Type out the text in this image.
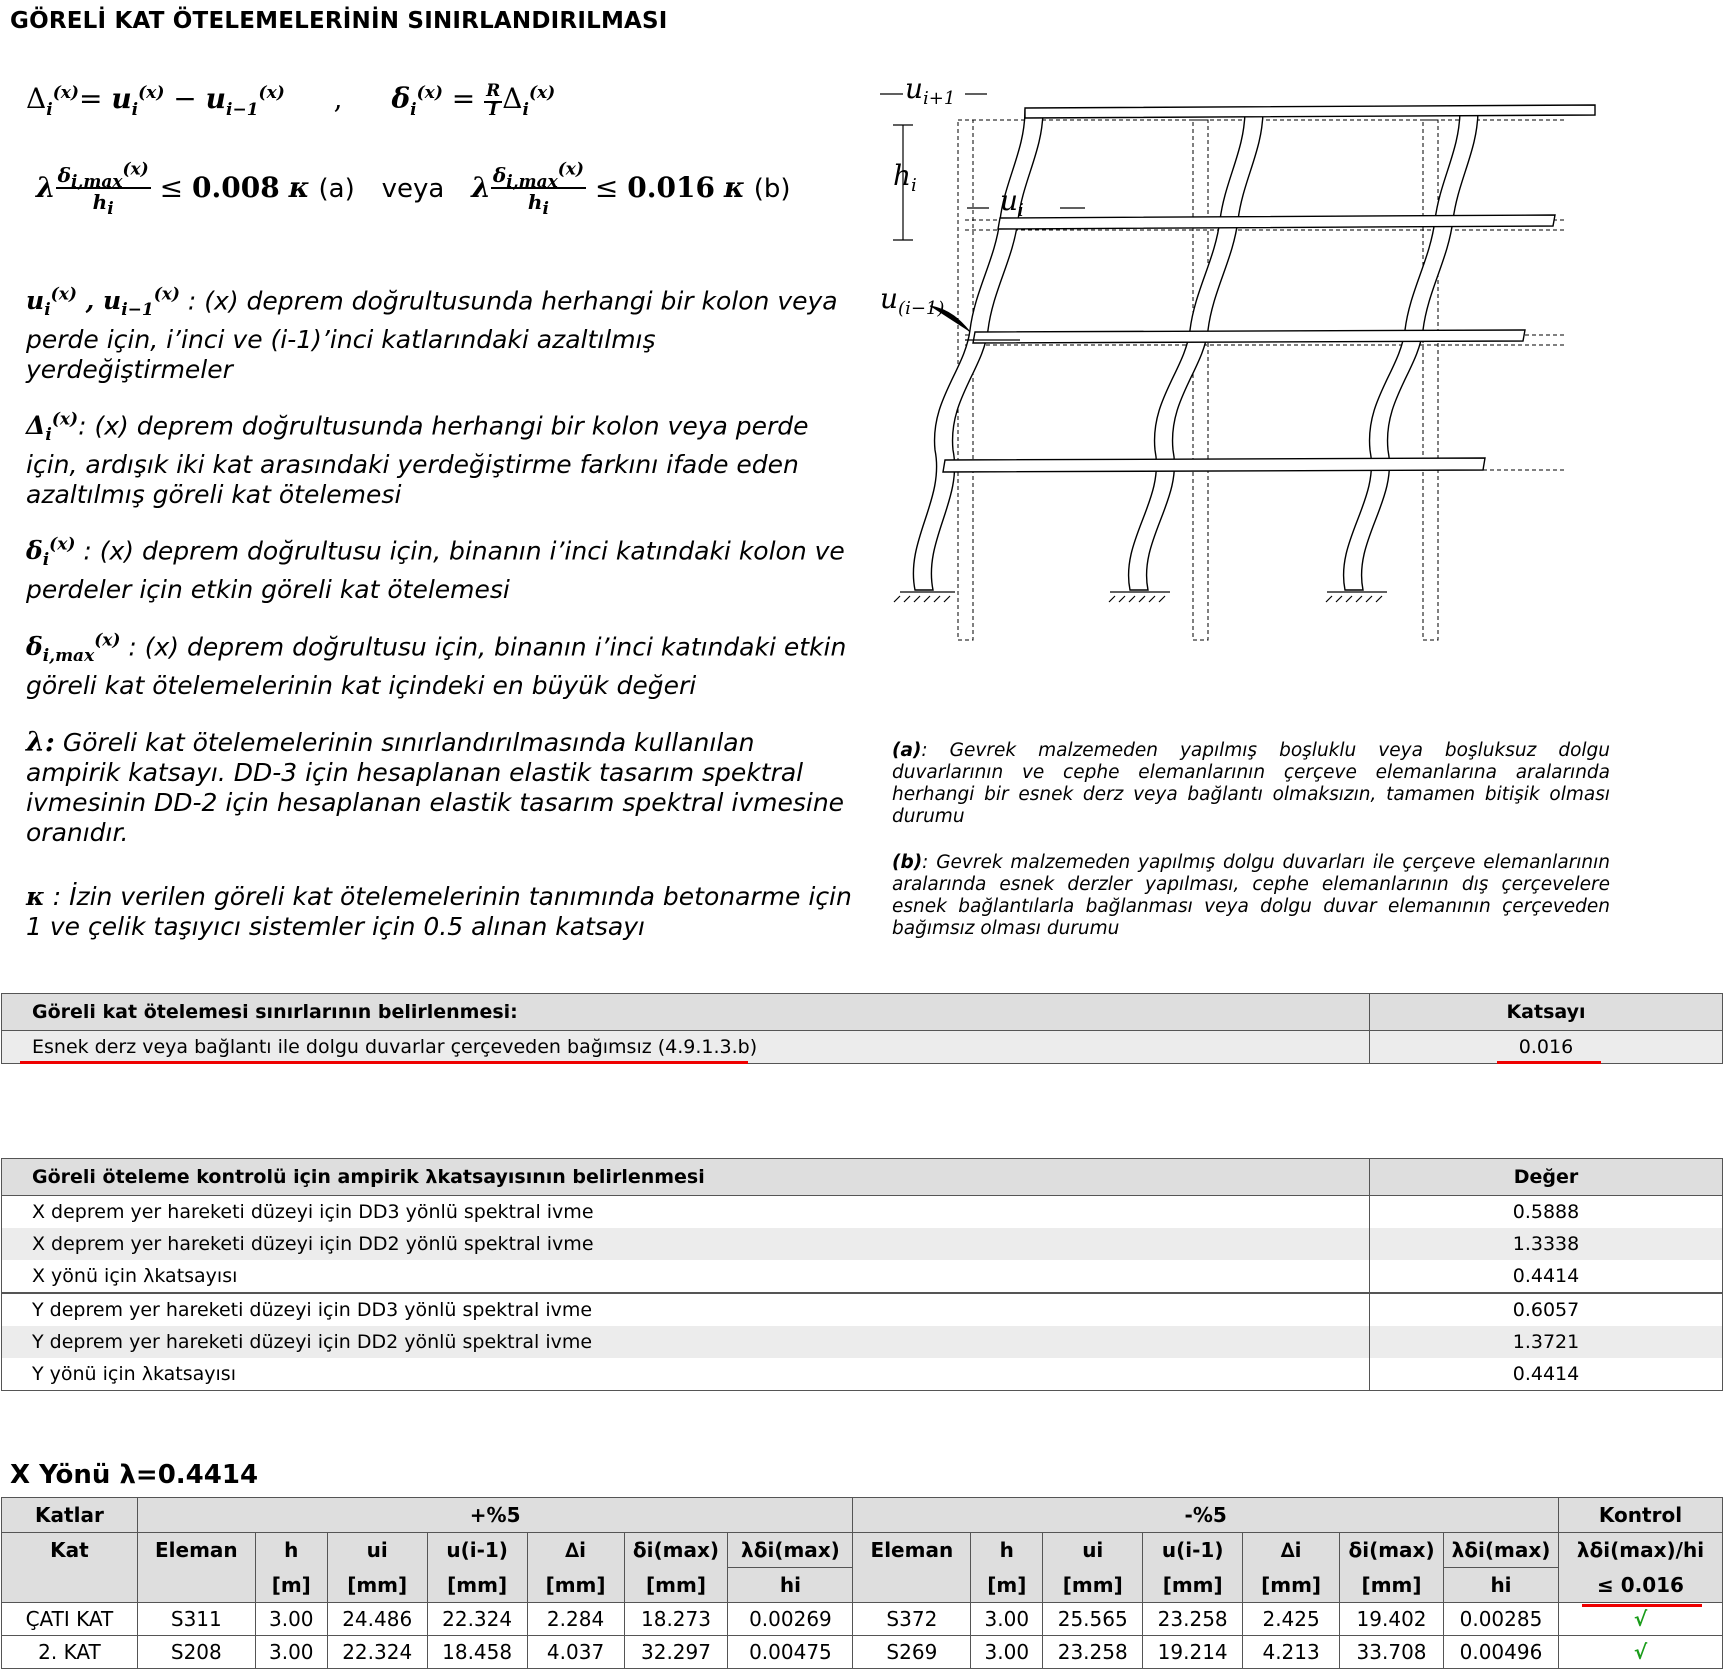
GÖRELİ KAT ÖTELEMELERİNİN SINIRLANDIRILMASI
$\Delta_i^{(x)}= u_i^{(x)} - u_{i-1}^{(x)}$ , $\delta_i^{(x)} = R$
I $\Delta_i^{(x)}$
λ $\delta_{i,max}^{(x)}$
$h_i \le 0.008$ κ (a) veya λ $\delta_{i,max}^{(x)}$
$h_i \le 0.016$ κ (b)
$u_i^{(x)}$ , $u_{i-1}^{(x)}$ : (x) deprem doğrultusunda herhangi bir kolon veya perde için, i’inci ve (i-1)’inci katlarındaki azaltılmış yerdeğiştirmeler
$\Delta_i^{(x)}$: (x) deprem doğrultusunda herhangi bir kolon veya perde için, ardışık iki kat arasındaki yerdeğiştirme farkını ifade eden azaltılmış göreli kat ötelemesi
$\delta_i^{(x)}$ : (x) deprem doğrultusu için, binanın i’inci katındaki kolon ve perdeler için etkin göreli kat ötelemesi
$\delta_{i,max}^{(x)}$ : (x) deprem doğrultusu için, binanın i’inci katındaki etkin göreli kat ötelemelerinin kat içindeki en büyük değeri
λ: Göreli kat ötelemelerinin sınırlandırılmasında kullanılan ampirik katsayı. DD-3 için hesaplanan elastik tasarım spektral ivmesinin DD-2 için hesaplanan elastik tasarım spektral ivmesine oranıdır.
κ : İzin verilen göreli kat ötelemelerinin tanımında betonarme için 1 ve çelik taşıyıcı sistemler için 0.5 alınan katsayı
$u_{i+1}$
$h_i$	$u_i$
$u_{(i-1)}$
(a): Gevrek malzemeden yapılmış boşluklu veya boşluksuz dolgu duvarlarının ve cephe elemanlarının çerçeve elemanlarına aralarında herhangi bir esnek derz veya bağlantı olmaksızın, tamamen bitişik olması durumu
(b): Gevrek malzemeden yapılmış dolgu duvarları ile çerçeve elemanlarının aralarında esnek derzler yapılması, cephe elemanlarının dış çerçevelere esnek bağlantılarla bağlanması veya dolgu duvar elemanının çerçeveden bağımsız olması durumu
Göreli kat ötelemesi sınırlarının belirlenmesi:	Katsayı
Esnek derz veya bağlantı ile dolgu duvarlar çerçeveden bağımsız (4.9.1.3.b)	0.016
Göreli öteleme kontrolü için ampirik λkatsayısının belirlenmesi	Değer
X deprem yer hareketi düzeyi için DD3 yönlü spektral ivme	0.5888
X deprem yer hareketi düzeyi için DD2 yönlü spektral ivme	1.3338
X yönü için λkatsayısı	0.4414
Y deprem yer hareketi düzeyi için DD3 yönlü spektral ivme	0.6057
Y deprem yer hareketi düzeyi için DD2 yönlü spektral ivme	1.3721
Y yönü için λkatsayısı	0.4414
X Yönü λ=0.4414
Katlar	+%5							-%5							Kontrol
Kat	Eleman	h	ui	u(i-1)	∆i	δi(max)	λδi(max)	Eleman	h	ui	u(i-1)	∆i	δi(max)	λδi(max)	λδi(max)/hi
		[m]	[mm]	[mm]	[mm]	[mm]	hi		[m]	[mm]	[mm]	[mm]	[mm]	hi	≤ 0.016
ÇATI KAT	S311	3.00	24.486	22.324	2.284	18.273	0.00269	S372	3.00	25.565	23.258	2.425	19.402	0.00285	√
2. KAT	S208	3.00	22.324	18.458	4.037	32.297	0.00475	S269	3.00	23.258	19.214	4.213	33.708	0.00496	√
